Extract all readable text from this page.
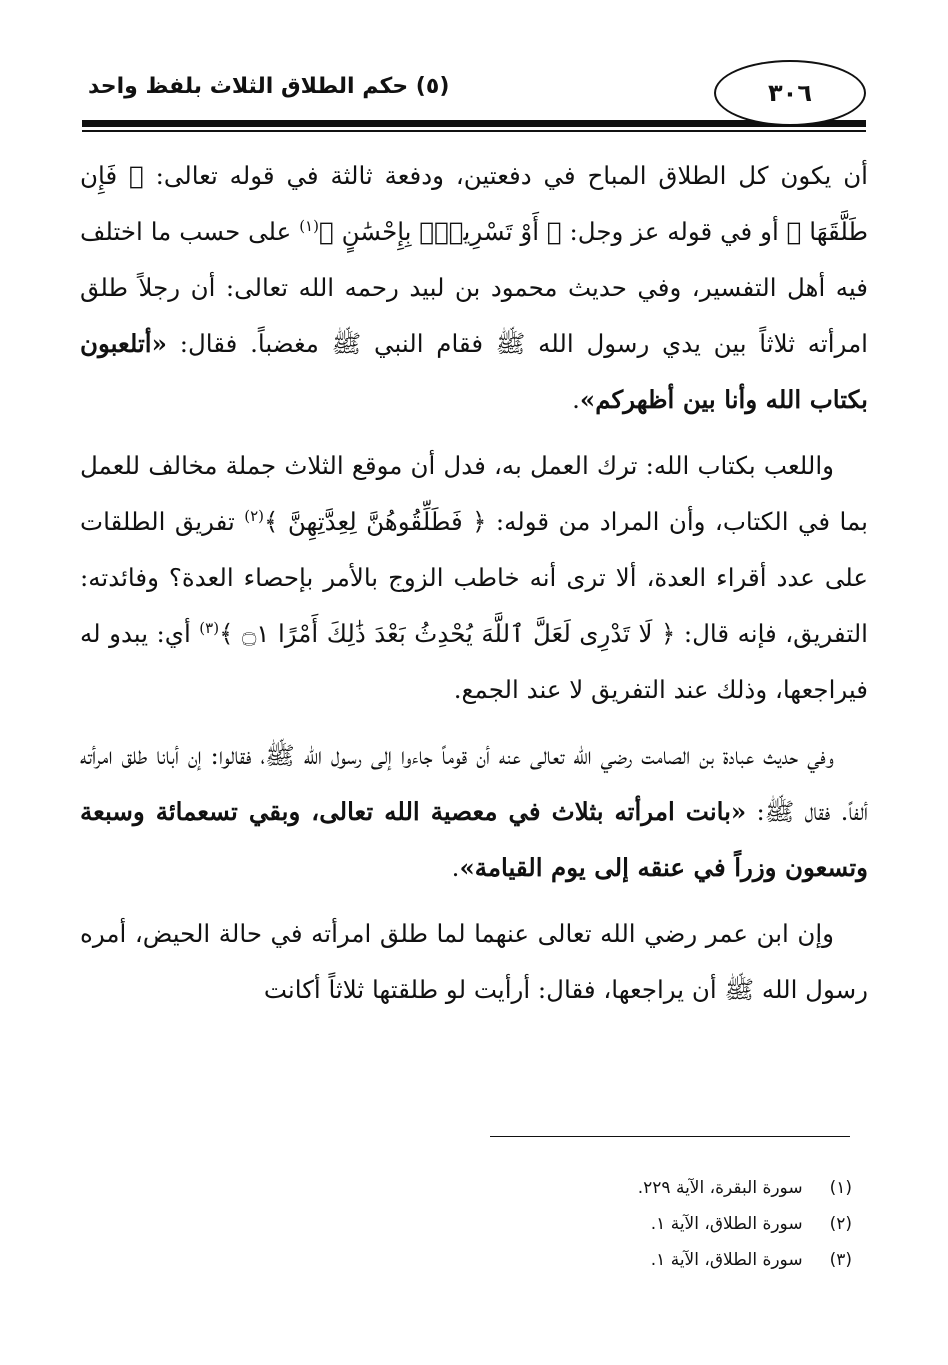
(٥) حكم الطلاق الثلاث بلفظ واحد	٣٠٦

أن يكون كل الطلاق المباح في دفعتين، ودفعة ثالثة في قوله تعالى: ﴿ فَإِن طَلَّقَهَا ﴾ أو في قوله عز وجل: ﴿ أَوْ تَسْرِيحٌۢ بِإِحْسَٰنٍ ﴾$^{(١)}$ على حسب ما اختلف فيه أهل التفسير، وفي حديث محمود بن لبيد رحمه الله تعالى: أن رجلاً طلق امرأته ثلاثاً بين يدي رسول الله ﷺ فقام النبي ﷺ مغضباً. فقال: «أتلعبون بكتاب الله وأنا بين أظهركم».

واللعب بكتاب الله: ترك العمل به، فدل أن موقع الثلاث جملة مخالف للعمل بما في الكتاب، وأن المراد من قوله: ﴿ فَطَلِّقُوهُنَّ لِعِدَّتِهِنَّ ﴾$^{(٢)}$ تفريق الطلقات على عدد أقراء العدة، ألا ترى أنه خاطب الزوج بالأمر بإحصاء العدة؟ وفائدته: التفريق، فإنه قال: ﴿ لَا تَدْرِى لَعَلَّ ٱللَّهَ يُحْدِثُ بَعْدَ ذَٰلِكَ أَمْرًا ۝١ ﴾$^{(٣)}$ أي: يبدو له فيراجعها، وذلك عند التفريق لا عند الجمع.

وفي حديث عبادة بن الصامت رضي الله تعالى عنه أن قوماً جاءوا إلى رسول الله ﷺ، فقالوا: إن أبانا طلق امرأته ألفاً. فقال ﷺ: «بانت امرأته بثلاث في معصية الله تعالى، وبقي تسعمائة وسبعة وتسعون وزراً في عنقه إلى يوم القيامة».

وإن ابن عمر رضي الله تعالى عنهما لما طلق امرأته في حالة الحيض، أمره رسول الله ﷺ أن يراجعها، فقال: أرأيت لو طلقتها ثلاثاً أكانت

(١) سورة البقرة، الآية ٢٢٩.
(٢) سورة الطلاق، الآية ١.
(٣) سورة الطلاق، الآية ١.
